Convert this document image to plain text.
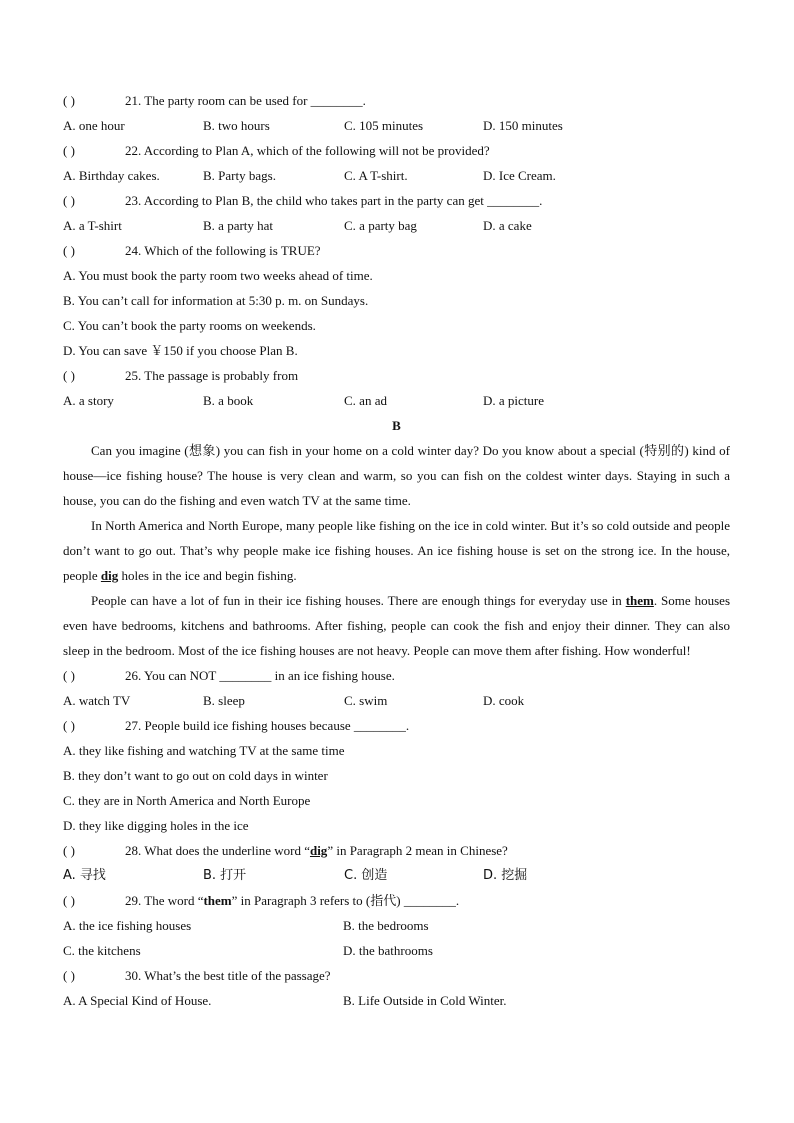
( )	21. The party room can be used for ________.
A. one hour	B. two hours	C. 105 minutes	D. 150 minutes
( )	22. According to Plan A, which of the following will not be provided?
A. Birthday cakes.	B. Party bags.	C. A T-shirt.	D. Ice Cream.
( )	23. According to Plan B, the child who takes part in the party can get ________.
A. a T-shirt	B. a party hat	C. a party bag	D. a cake
( )	24. Which of the following is TRUE?
A. You must book the party room two weeks ahead of time.
B. You can’t call for information at 5:30 p. m. on Sundays.
C. You can’t book the party rooms on weekends.
D. You can save ￥150 if you choose Plan B.
( )	25. The passage is probably from
A. a story	B. a book	C. an ad	D. a picture
B
Can you imagine (想象) you can fish in your home on a cold winter day? Do you know about a special (特别的) kind of house—ice fishing house? The house is very clean and warm, so you can fish on the coldest winter days. Staying in such a house, you can do the fishing and even watch TV at the same time.
In North America and North Europe, many people like fishing on the ice in cold winter. But it’s so cold outside and people don’t want to go out. That’s why people make ice fishing houses. An ice fishing house is set on the strong ice. In the house, people dig holes in the ice and begin fishing.
People can have a lot of fun in their ice fishing houses. There are enough things for everyday use in them. Some houses even have bedrooms, kitchens and bathrooms. After fishing, people can cook the fish and enjoy their dinner. They can also sleep in the bedroom. Most of the ice fishing houses are not heavy. People can move them after fishing. How wonderful!
( )	26. You can NOT ________ in an ice fishing house.
A. watch TV	B. sleep	C. swim	D. cook
( )	27. People build ice fishing houses because ________.
A. they like fishing and watching TV at the same time
B. they don’t want to go out on cold days in winter
C. they are in North America and North Europe
D. they like digging holes in the ice
( )	28. What does the underline word “dig” in Paragraph 2 mean in Chinese?
A. 寻找	B. 打开	C. 创造	D. 挖掘
( )	29. The word “them” in Paragraph 3 refers to (指代) ________.
A. the ice fishing houses	B. the bedrooms
C. the kitchens	D. the bathrooms
( )	30. What’s the best title of the passage?
A. A Special Kind of House.	B. Life Outside in Cold Winter.
